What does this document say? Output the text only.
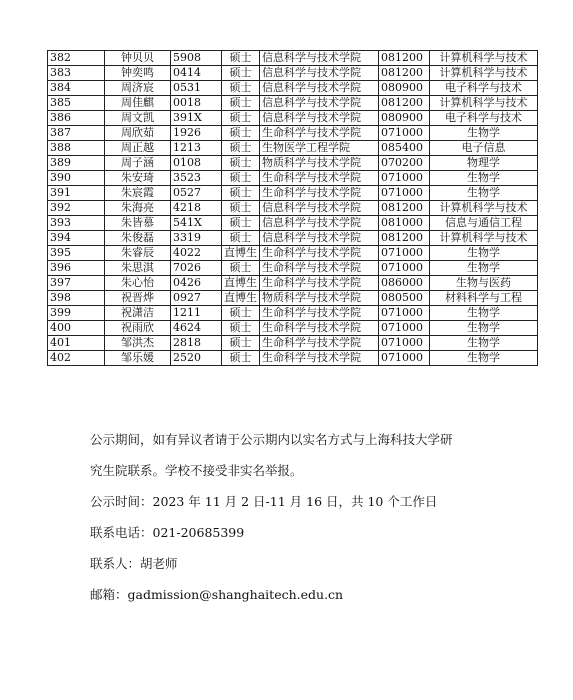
382	钟贝贝	5908	硕士	信息科学与技术学院	081200	计算机科学与技术
383	钟奕鸣	0414	硕士	信息科学与技术学院	081200	计算机科学与技术
384	周济宸	0531	硕士	信息科学与技术学院	080900	电子科学与技术
385	周佳麒	0018	硕士	信息科学与技术学院	081200	计算机科学与技术
386	周文凯	391X	硕士	信息科学与技术学院	080900	电子科学与技术
387	周欣茹	1926	硕士	生命科学与技术学院	071000	生物学
388	周正越	1213	硕士	生物医学工程学院	085400	电子信息
389	周子涵	0108	硕士	物质科学与技术学院	070200	物理学
390	朱安琦	3523	硕士	生命科学与技术学院	071000	生物学
391	朱宸霞	0527	硕士	生命科学与技术学院	071000	生物学
392	朱海亮	4218	硕士	信息科学与技术学院	081200	计算机科学与技术
393	朱皆慕	541X	硕士	信息科学与技术学院	081000	信息与通信工程
394	朱俊磊	3319	硕士	信息科学与技术学院	081200	计算机科学与技术
395	朱睿辰	4022	直博生	生命科学与技术学院	071000	生物学
396	朱思淇	7026	硕士	生命科学与技术学院	071000	生物学
397	朱心怡	0426	直博生	生命科学与技术学院	086000	生物与医药
398	祝晋烨	0927	直博生	物质科学与技术学院	080500	材料科学与工程
399	祝潇洁	1211	硕士	生命科学与技术学院	071000	生物学
400	祝雨欣	4624	硕士	生命科学与技术学院	071000	生物学
401	邹洪杰	2818	硕士	生命科学与技术学院	071000	生物学
402	邹乐媛	2520	硕士	生命科学与技术学院	071000	生物学

公示期间，如有异议者请于公示期内以实名方式与上海科技大学研

究生院联系。学校不接受非实名举报。

公示时间：2023 年 11 月 2 日-11 月 16 日，共 10 个工作日

联系电话：021-20685399

联系人：胡老师

邮箱：gadmission@shanghaitech.edu.cn
